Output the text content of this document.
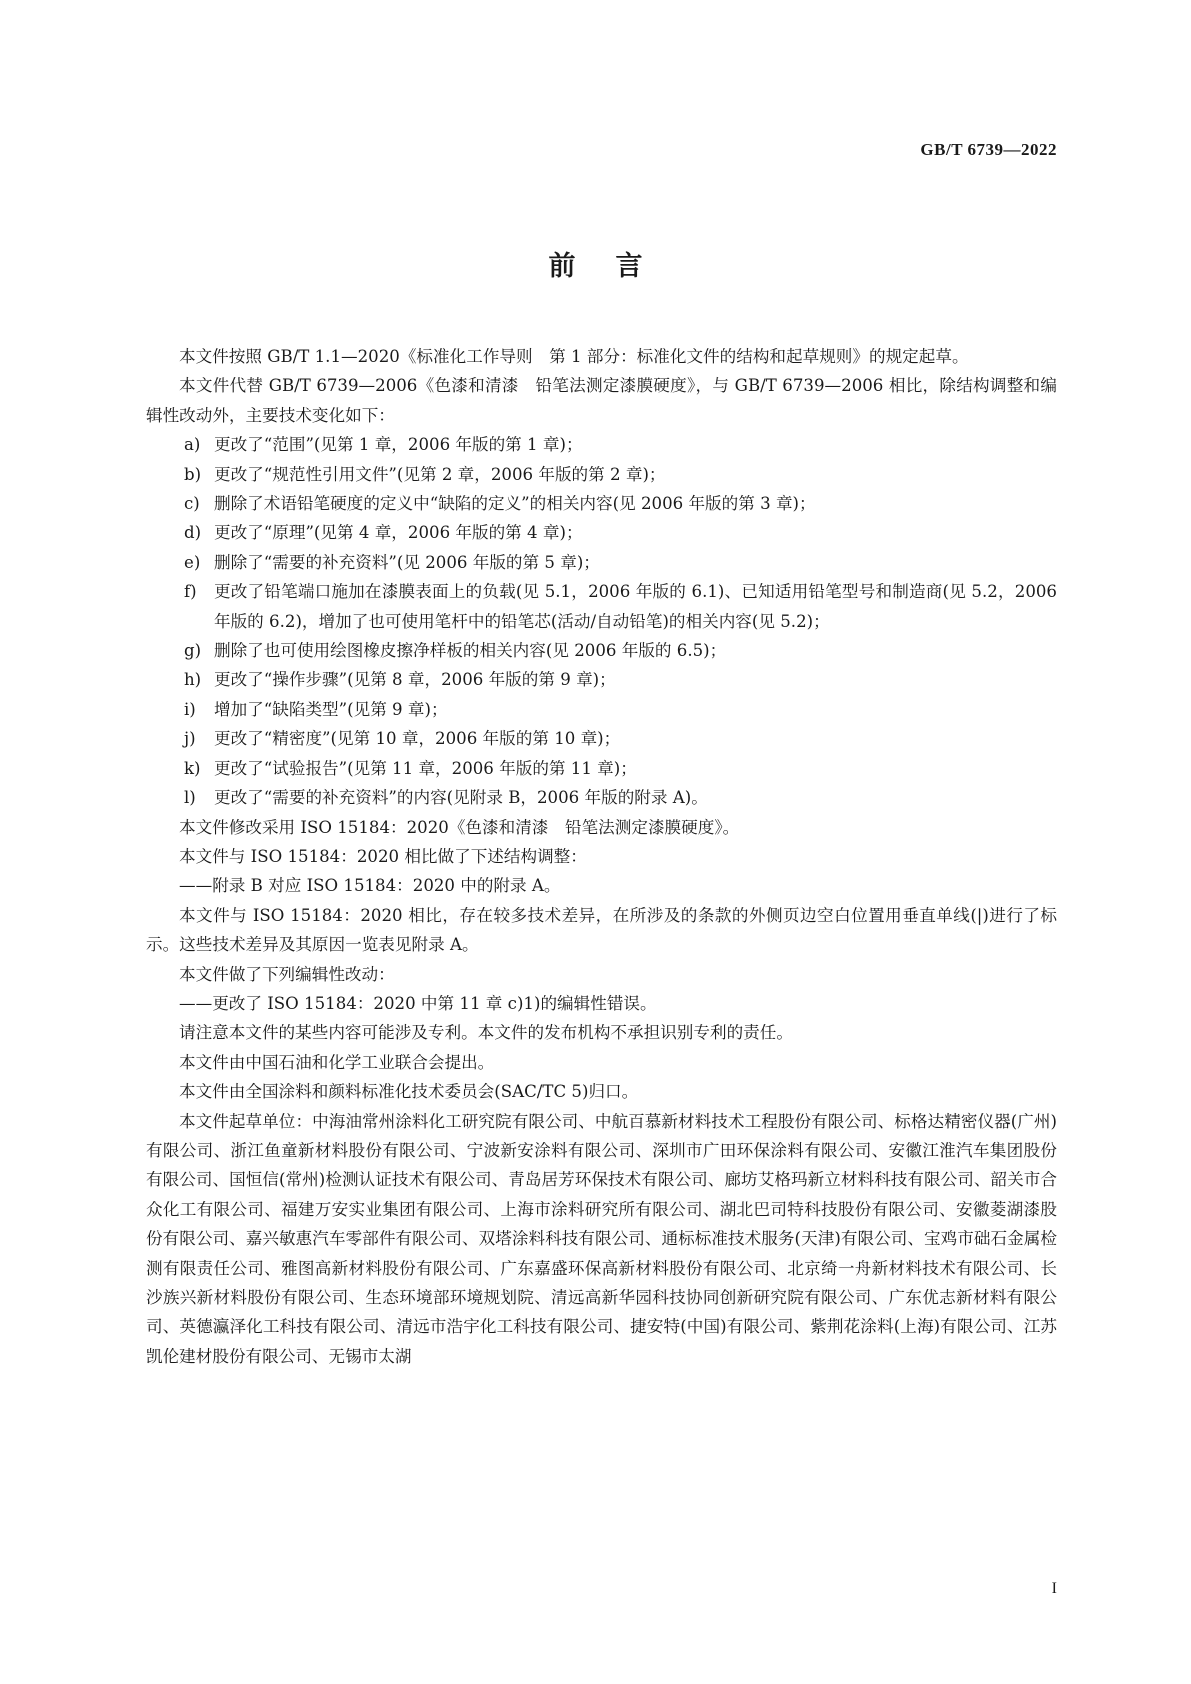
GB/T 6739—2022
前言

本文件按照 GB/T 1.1—2020《标准化工作导则　第 1 部分：标准化文件的结构和起草规则》的规定起草。

本文件代替 GB/T 6739—2006《色漆和清漆　铅笔法测定漆膜硬度》，与 GB/T 6739—2006 相比，除结构调整和编辑性改动外，主要技术变化如下：

a) 更改了“范围”(见第 1 章，2006 年版的第 1 章)；

b) 更改了“规范性引用文件”(见第 2 章，2006 年版的第 2 章)；

c) 删除了术语铅笔硬度的定义中“缺陷的定义”的相关内容(见 2006 年版的第 3 章)；

d) 更改了“原理”(见第 4 章，2006 年版的第 4 章)；

e) 删除了“需要的补充资料”(见 2006 年版的第 5 章)；

f) 更改了铅笔端口施加在漆膜表面上的负载(见 5.1，2006 年版的 6.1)、已知适用铅笔型号和制造商(见 5.2，2006 年版的 6.2)，增加了也可使用笔杆中的铅笔芯(活动/自动铅笔)的相关内容(见 5.2)；

g) 删除了也可使用绘图橡皮擦净样板的相关内容(见 2006 年版的 6.5)；

h) 更改了“操作步骤”(见第 8 章，2006 年版的第 9 章)；

i) 增加了“缺陷类型”(见第 9 章)；

j) 更改了“精密度”(见第 10 章，2006 年版的第 10 章)；

k) 更改了“试验报告”(见第 11 章，2006 年版的第 11 章)；

l) 更改了“需要的补充资料”的内容(见附录 B，2006 年版的附录 A)。

本文件修改采用 ISO 15184：2020《色漆和清漆　铅笔法测定漆膜硬度》。

本文件与 ISO 15184：2020 相比做了下述结构调整：

——附录 B 对应 ISO 15184：2020 中的附录 A。

本文件与 ISO 15184：2020 相比，存在较多技术差异，在所涉及的条款的外侧页边空白位置用垂直单线(|)进行了标示。这些技术差异及其原因一览表见附录 A。

本文件做了下列编辑性改动：

——更改了 ISO 15184：2020 中第 11 章 c)1)的编辑性错误。

请注意本文件的某些内容可能涉及专利。本文件的发布机构不承担识别专利的责任。

本文件由中国石油和化学工业联合会提出。

本文件由全国涂料和颜料标准化技术委员会(SAC/TC 5)归口。

本文件起草单位：中海油常州涂料化工研究院有限公司、中航百慕新材料技术工程股份有限公司、标格达精密仪器(广州)有限公司、浙江鱼童新材料股份有限公司、宁波新安涂料有限公司、深圳市广田环保涂料有限公司、安徽江淮汽车集团股份有限公司、国恒信(常州)检测认证技术有限公司、青岛居芳环保技术有限公司、廊坊艾格玛新立材料科技有限公司、韶关市合众化工有限公司、福建万安实业集团有限公司、上海市涂料研究所有限公司、湖北巴司特科技股份有限公司、安徽菱湖漆股份有限公司、嘉兴敏惠汽车零部件有限公司、双塔涂料科技有限公司、通标标准技术服务(天津)有限公司、宝鸡市础石金属检测有限责任公司、雅图高新材料股份有限公司、广东嘉盛环保高新材料股份有限公司、北京绮一舟新材料技术有限公司、长沙族兴新材料股份有限公司、生态环境部环境规划院、清远高新华园科技协同创新研究院有限公司、广东优志新材料有限公司、英德瀛泽化工科技有限公司、清远市浩宇化工科技有限公司、捷安特(中国)有限公司、紫荆花涂料(上海)有限公司、江苏凯伦建材股份有限公司、无锡市太湖

I
